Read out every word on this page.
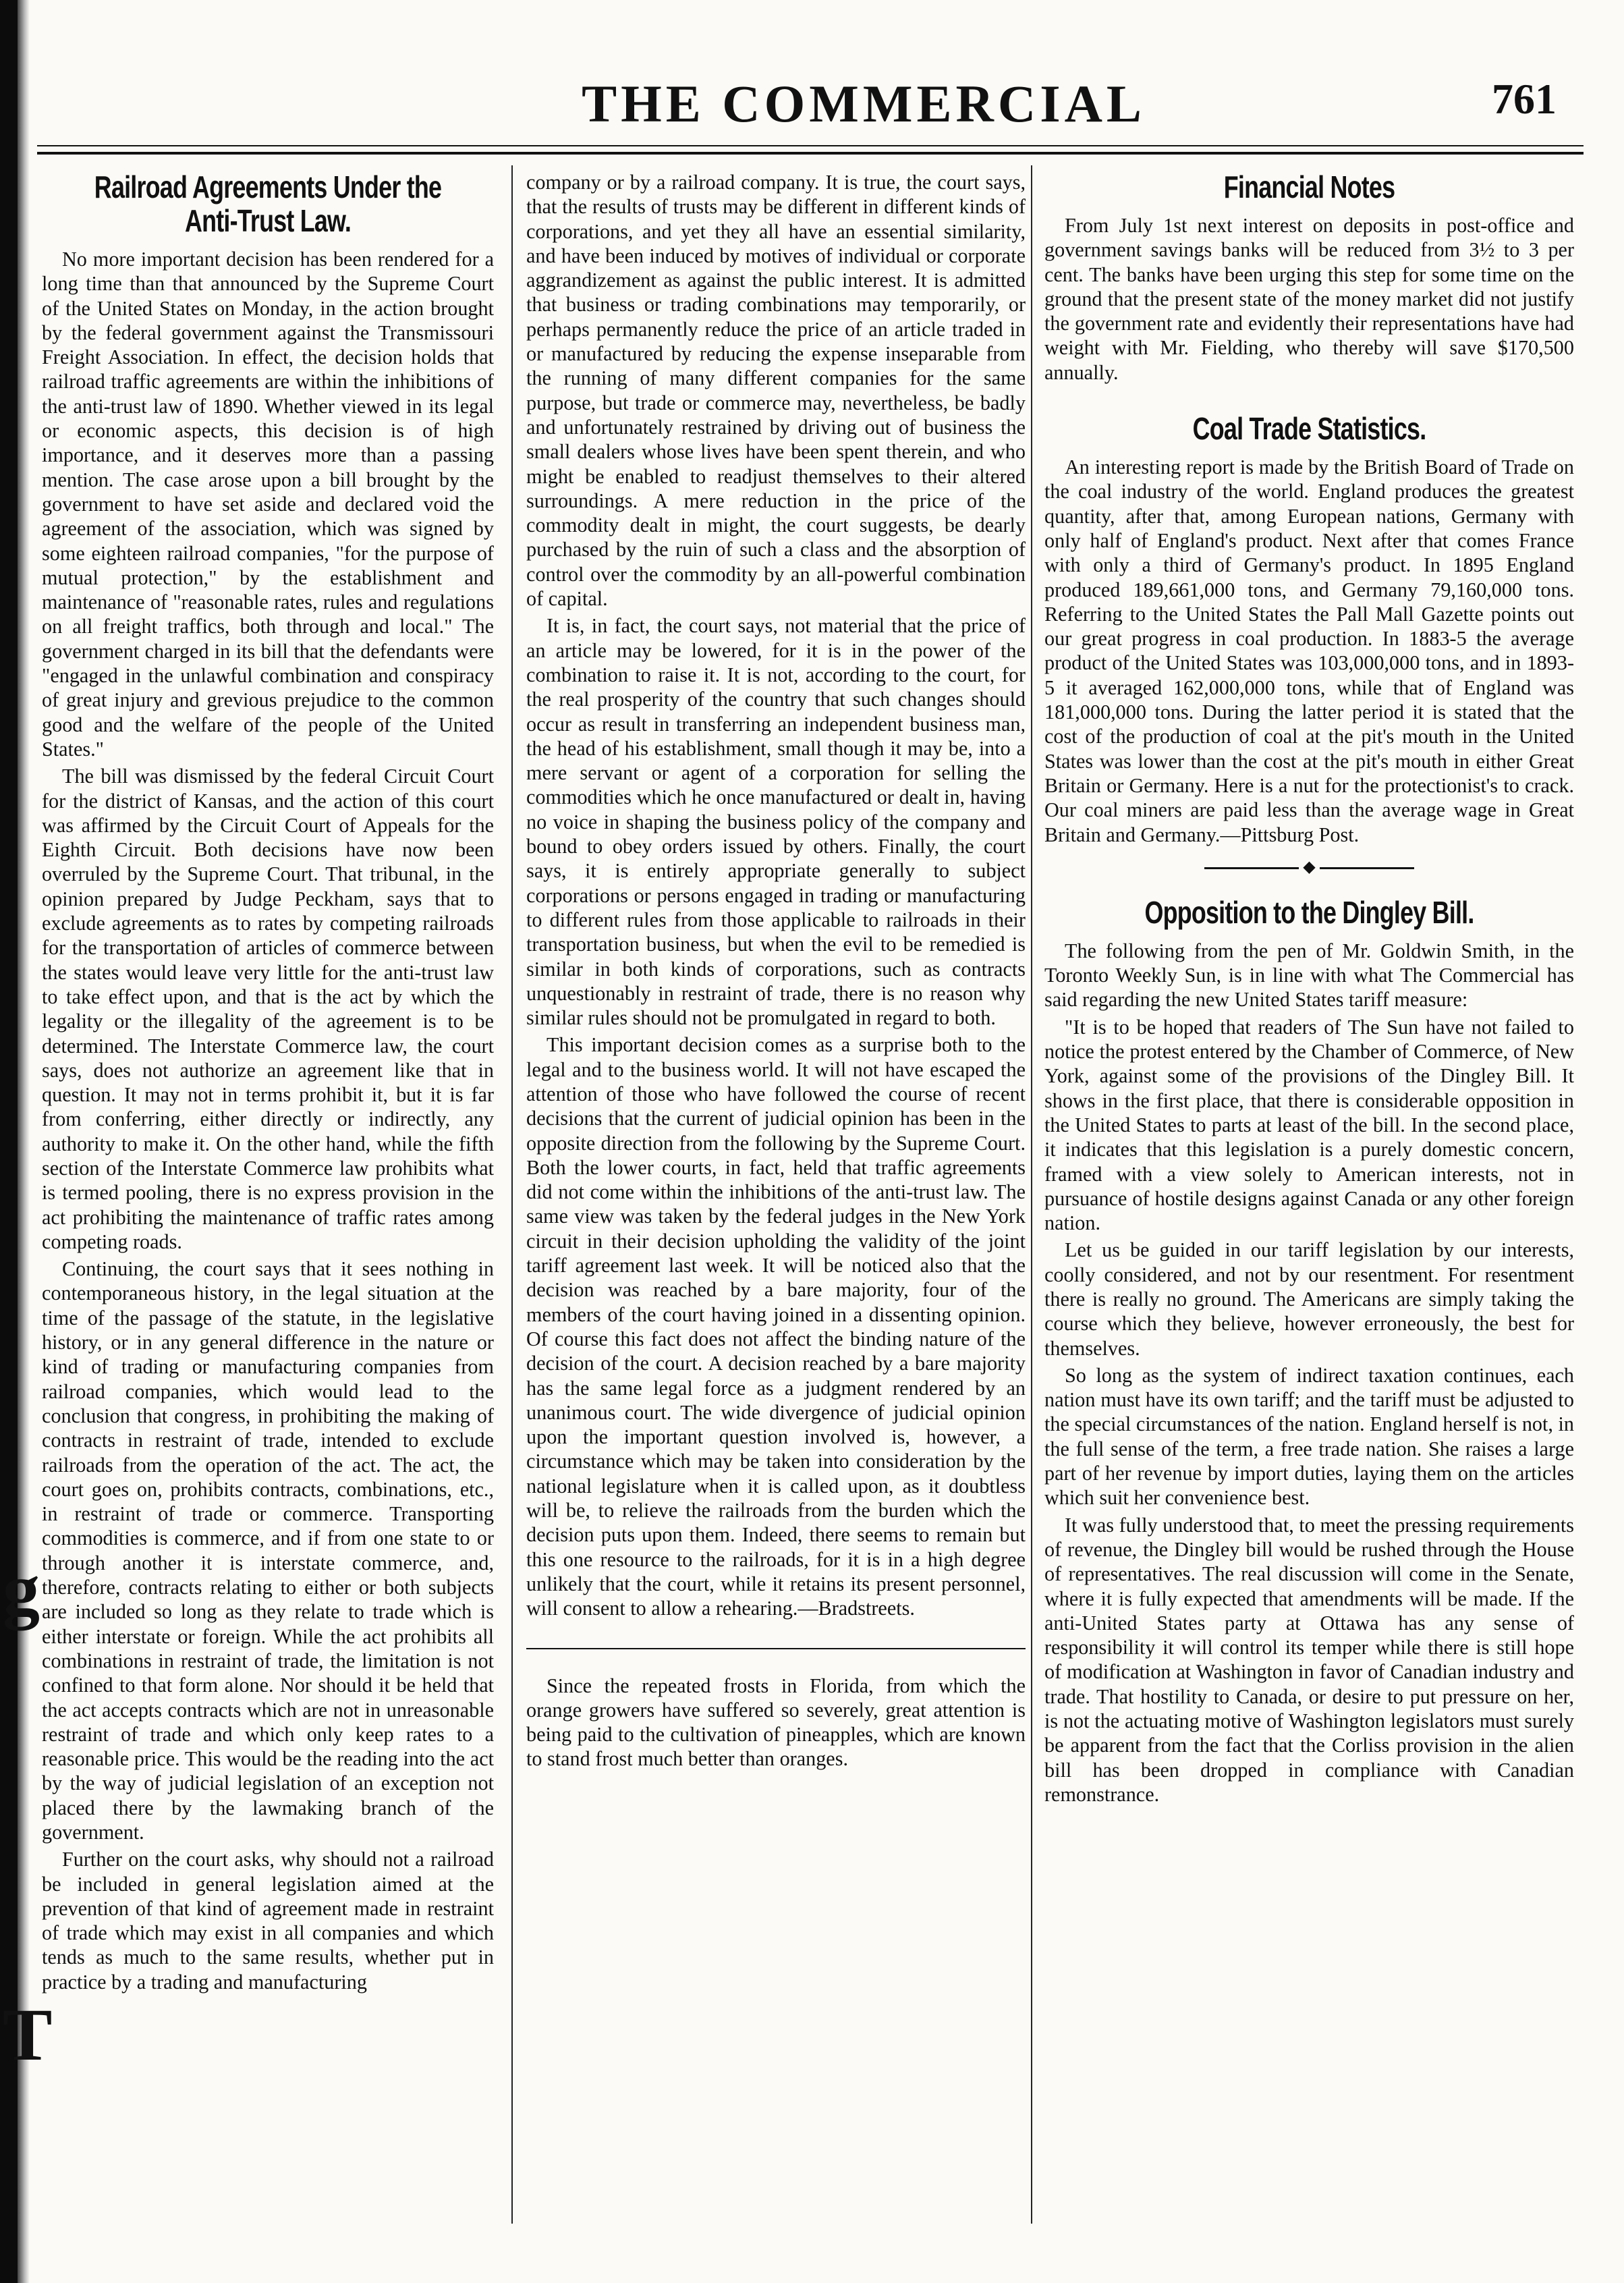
g
T
THE COMMERCIAL	761
Railroad Agreements Under the Anti-Trust Law.

No more important decision has been rendered for a long time than that announced by the Supreme Court of the United States on Monday, in the action brought by the federal government against the Transmissouri Freight Association. In effect, the decision holds that railroad traffic agreements are within the inhibitions of the anti-trust law of 1890. Whether viewed in its legal or economic aspects, this decision is of high importance, and it deserves more than a passing mention. The case arose upon a bill brought by the government to have set aside and declared void the agreement of the association, which was signed by some eighteen railroad companies, "for the purpose of mutual protection," by the establishment and maintenance of "reasonable rates, rules and regulations on all freight traffics, both through and local." The government charged in its bill that the defendants were "engaged in the unlawful combination and conspiracy of great injury and grevious prejudice to the common good and the welfare of the people of the United States."

The bill was dismissed by the federal Circuit Court for the district of Kansas, and the action of this court was affirmed by the Circuit Court of Appeals for the Eighth Circuit. Both decisions have now been overruled by the Supreme Court. That tribunal, in the opinion prepared by Judge Peckham, says that to exclude agreements as to rates by competing railroads for the transportation of articles of commerce between the states would leave very little for the anti-trust law to take effect upon, and that is the act by which the legality or the illegality of the agreement is to be determined. The Interstate Commerce law, the court says, does not authorize an agreement like that in question. It may not in terms prohibit it, but it is far from conferring, either directly or indirectly, any authority to make it. On the other hand, while the fifth section of the Interstate Commerce law prohibits what is termed pooling, there is no express provision in the act prohibiting the maintenance of traffic rates among competing roads.

Continuing, the court says that it sees nothing in contemporaneous history, in the legal situation at the time of the passage of the statute, in the legislative history, or in any general difference in the nature or kind of trading or manufacturing companies from railroad companies, which would lead to the conclusion that congress, in prohibiting the making of contracts in restraint of trade, intended to exclude railroads from the operation of the act. The act, the court goes on, prohibits contracts, combinations, etc., in restraint of trade or commerce. Transporting commodities is commerce, and if from one state to or through another it is interstate commerce, and, therefore, contracts relating to either or both subjects are included so long as they relate to trade which is either interstate or foreign. While the act prohibits all combinations in restraint of trade, the limitation is not confined to that form alone. Nor should it be held that the act accepts contracts which are not in unreasonable restraint of trade and which only keep rates to a reasonable price. This would be the reading into the act by the way of judicial legislation of an exception not placed there by the lawmaking branch of the government.

Further on the court asks, why should not a railroad be included in general legislation aimed at the prevention of that kind of agreement made in restraint of trade which may exist in all companies and which tends as much to the same results, whether put in practice by a trading and manufacturing

company or by a railroad company. It is true, the court says, that the results of trusts may be different in different kinds of corporations, and yet they all have an essential similarity, and have been induced by motives of individual or corporate aggrandizement as against the public interest. It is admitted that business or trading combinations may temporarily, or perhaps permanently reduce the price of an article traded in or manufactured by reducing the expense inseparable from the running of many different companies for the same purpose, but trade or commerce may, nevertheless, be badly and unfortunately restrained by driving out of business the small dealers whose lives have been spent therein, and who might be enabled to readjust themselves to their altered surroundings. A mere reduction in the price of the commodity dealt in might, the court suggests, be dearly purchased by the ruin of such a class and the absorption of control over the commodity by an all-powerful combination of capital.

It is, in fact, the court says, not material that the price of an article may be lowered, for it is in the power of the combination to raise it. It is not, according to the court, for the real prosperity of the country that such changes should occur as result in transferring an independent business man, the head of his establishment, small though it may be, into a mere servant or agent of a corporation for selling the commodities which he once manufactured or dealt in, having no voice in shaping the business policy of the company and bound to obey orders issued by others. Finally, the court says, it is entirely appropriate generally to subject corporations or persons engaged in trading or manufacturing to different rules from those applicable to railroads in their transportation business, but when the evil to be remedied is similar in both kinds of corporations, such as contracts unquestionably in restraint of trade, there is no reason why similar rules should not be promulgated in regard to both.

This important decision comes as a surprise both to the legal and to the business world. It will not have escaped the attention of those who have followed the course of recent decisions that the current of judicial opinion has been in the opposite direction from the following by the Supreme Court. Both the lower courts, in fact, held that traffic agreements did not come within the inhibitions of the anti-trust law. The same view was taken by the federal judges in the New York circuit in their decision upholding the validity of the joint tariff agreement last week. It will be noticed also that the decision was reached by a bare majority, four of the members of the court having joined in a dissenting opinion. Of course this fact does not affect the binding nature of the decision of the court. A decision reached by a bare majority has the same legal force as a judgment rendered by an unanimous court. The wide divergence of judicial opinion upon the important question involved is, however, a circumstance which may be taken into consideration by the national legislature when it is called upon, as it doubtless will be, to relieve the railroads from the burden which the decision puts upon them. Indeed, there seems to remain but this one resource to the railroads, for it is in a high degree unlikely that the court, while it retains its present personnel, will consent to allow a rehearing.—Bradstreets.

Since the repeated frosts in Florida, from which the orange growers have suffered so severely, great attention is being paid to the cultivation of pineapples, which are known to stand frost much better than oranges.

Financial Notes

From July 1st next interest on deposits in post-office and government savings banks will be reduced from 3½ to 3 per cent. The banks have been urging this step for some time on the ground that the present state of the money market did not justify the government rate and evidently their representations have had weight with Mr. Fielding, who thereby will save $170,500 annually.

Coal Trade Statistics.

An interesting report is made by the British Board of Trade on the coal industry of the world. England produces the greatest quantity, after that, among European nations, Germany with only half of England's product. Next after that comes France with only a third of Germany's product. In 1895 England produced 189,661,000 tons, and Germany 79,160,000 tons. Referring to the United States the Pall Mall Gazette points out our great progress in coal production. In 1883-5 the average product of the United States was 103,000,000 tons, and in 1893-5 it averaged 162,000,000 tons, while that of England was 181,000,000 tons. During the latter period it is stated that the cost of the production of coal at the pit's mouth in the United States was lower than the cost at the pit's mouth in either Great Britain or Germany. Here is a nut for the protectionist's to crack. Our coal miners are paid less than the average wage in Great Britain and Germany.—Pittsburg Post.

◆
Opposition to the Dingley Bill.

The following from the pen of Mr. Goldwin Smith, in the Toronto Weekly Sun, is in line with what The Commercial has said regarding the new United States tariff measure:

"It is to be hoped that readers of The Sun have not failed to notice the protest entered by the Chamber of Commerce, of New York, against some of the provisions of the Dingley Bill. It shows in the first place, that there is considerable opposition in the United States to parts at least of the bill. In the second place, it indicates that this legislation is a purely domestic concern, framed with a view solely to American interests, not in pursuance of hostile designs against Canada or any other foreign nation.

Let us be guided in our tariff legislation by our interests, coolly considered, and not by our resentment. For resentment there is really no ground. The Americans are simply taking the course which they believe, however erroneously, the best for themselves.

So long as the system of indirect taxation continues, each nation must have its own tariff; and the tariff must be adjusted to the special circumstances of the nation. England herself is not, in the full sense of the term, a free trade nation. She raises a large part of her revenue by import duties, laying them on the articles which suit her convenience best.

It was fully understood that, to meet the pressing requirements of revenue, the Dingley bill would be rushed through the House of representatives. The real discussion will come in the Senate, where it is fully expected that amendments will be made. If the anti-United States party at Ottawa has any sense of responsibility it will control its temper while there is still hope of modification at Washington in favor of Canadian industry and trade. That hostility to Canada, or desire to put pressure on her, is not the actuating motive of Washington legislators must surely be apparent from the fact that the Corliss provision in the alien bill has been dropped in compliance with Canadian remonstrance.
